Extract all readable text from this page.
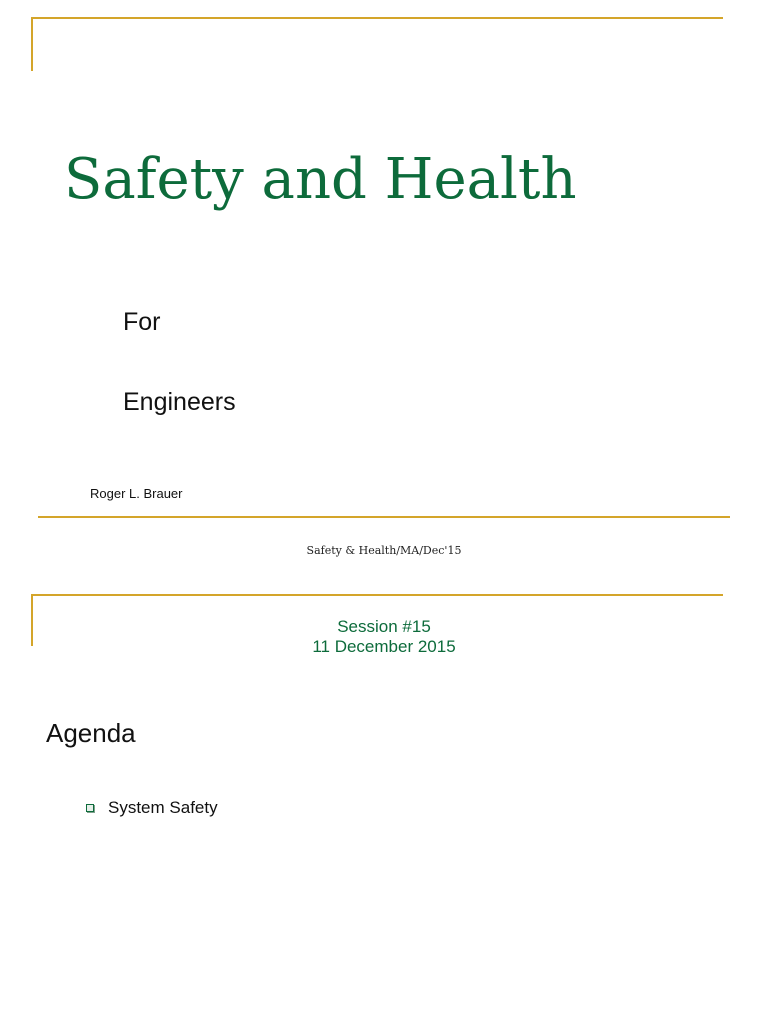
Safety and Health
For
Engineers
Roger L. Brauer
Safety & Health/MA/Dec'15
Session #15
11 December 2015
Agenda
System Safety
